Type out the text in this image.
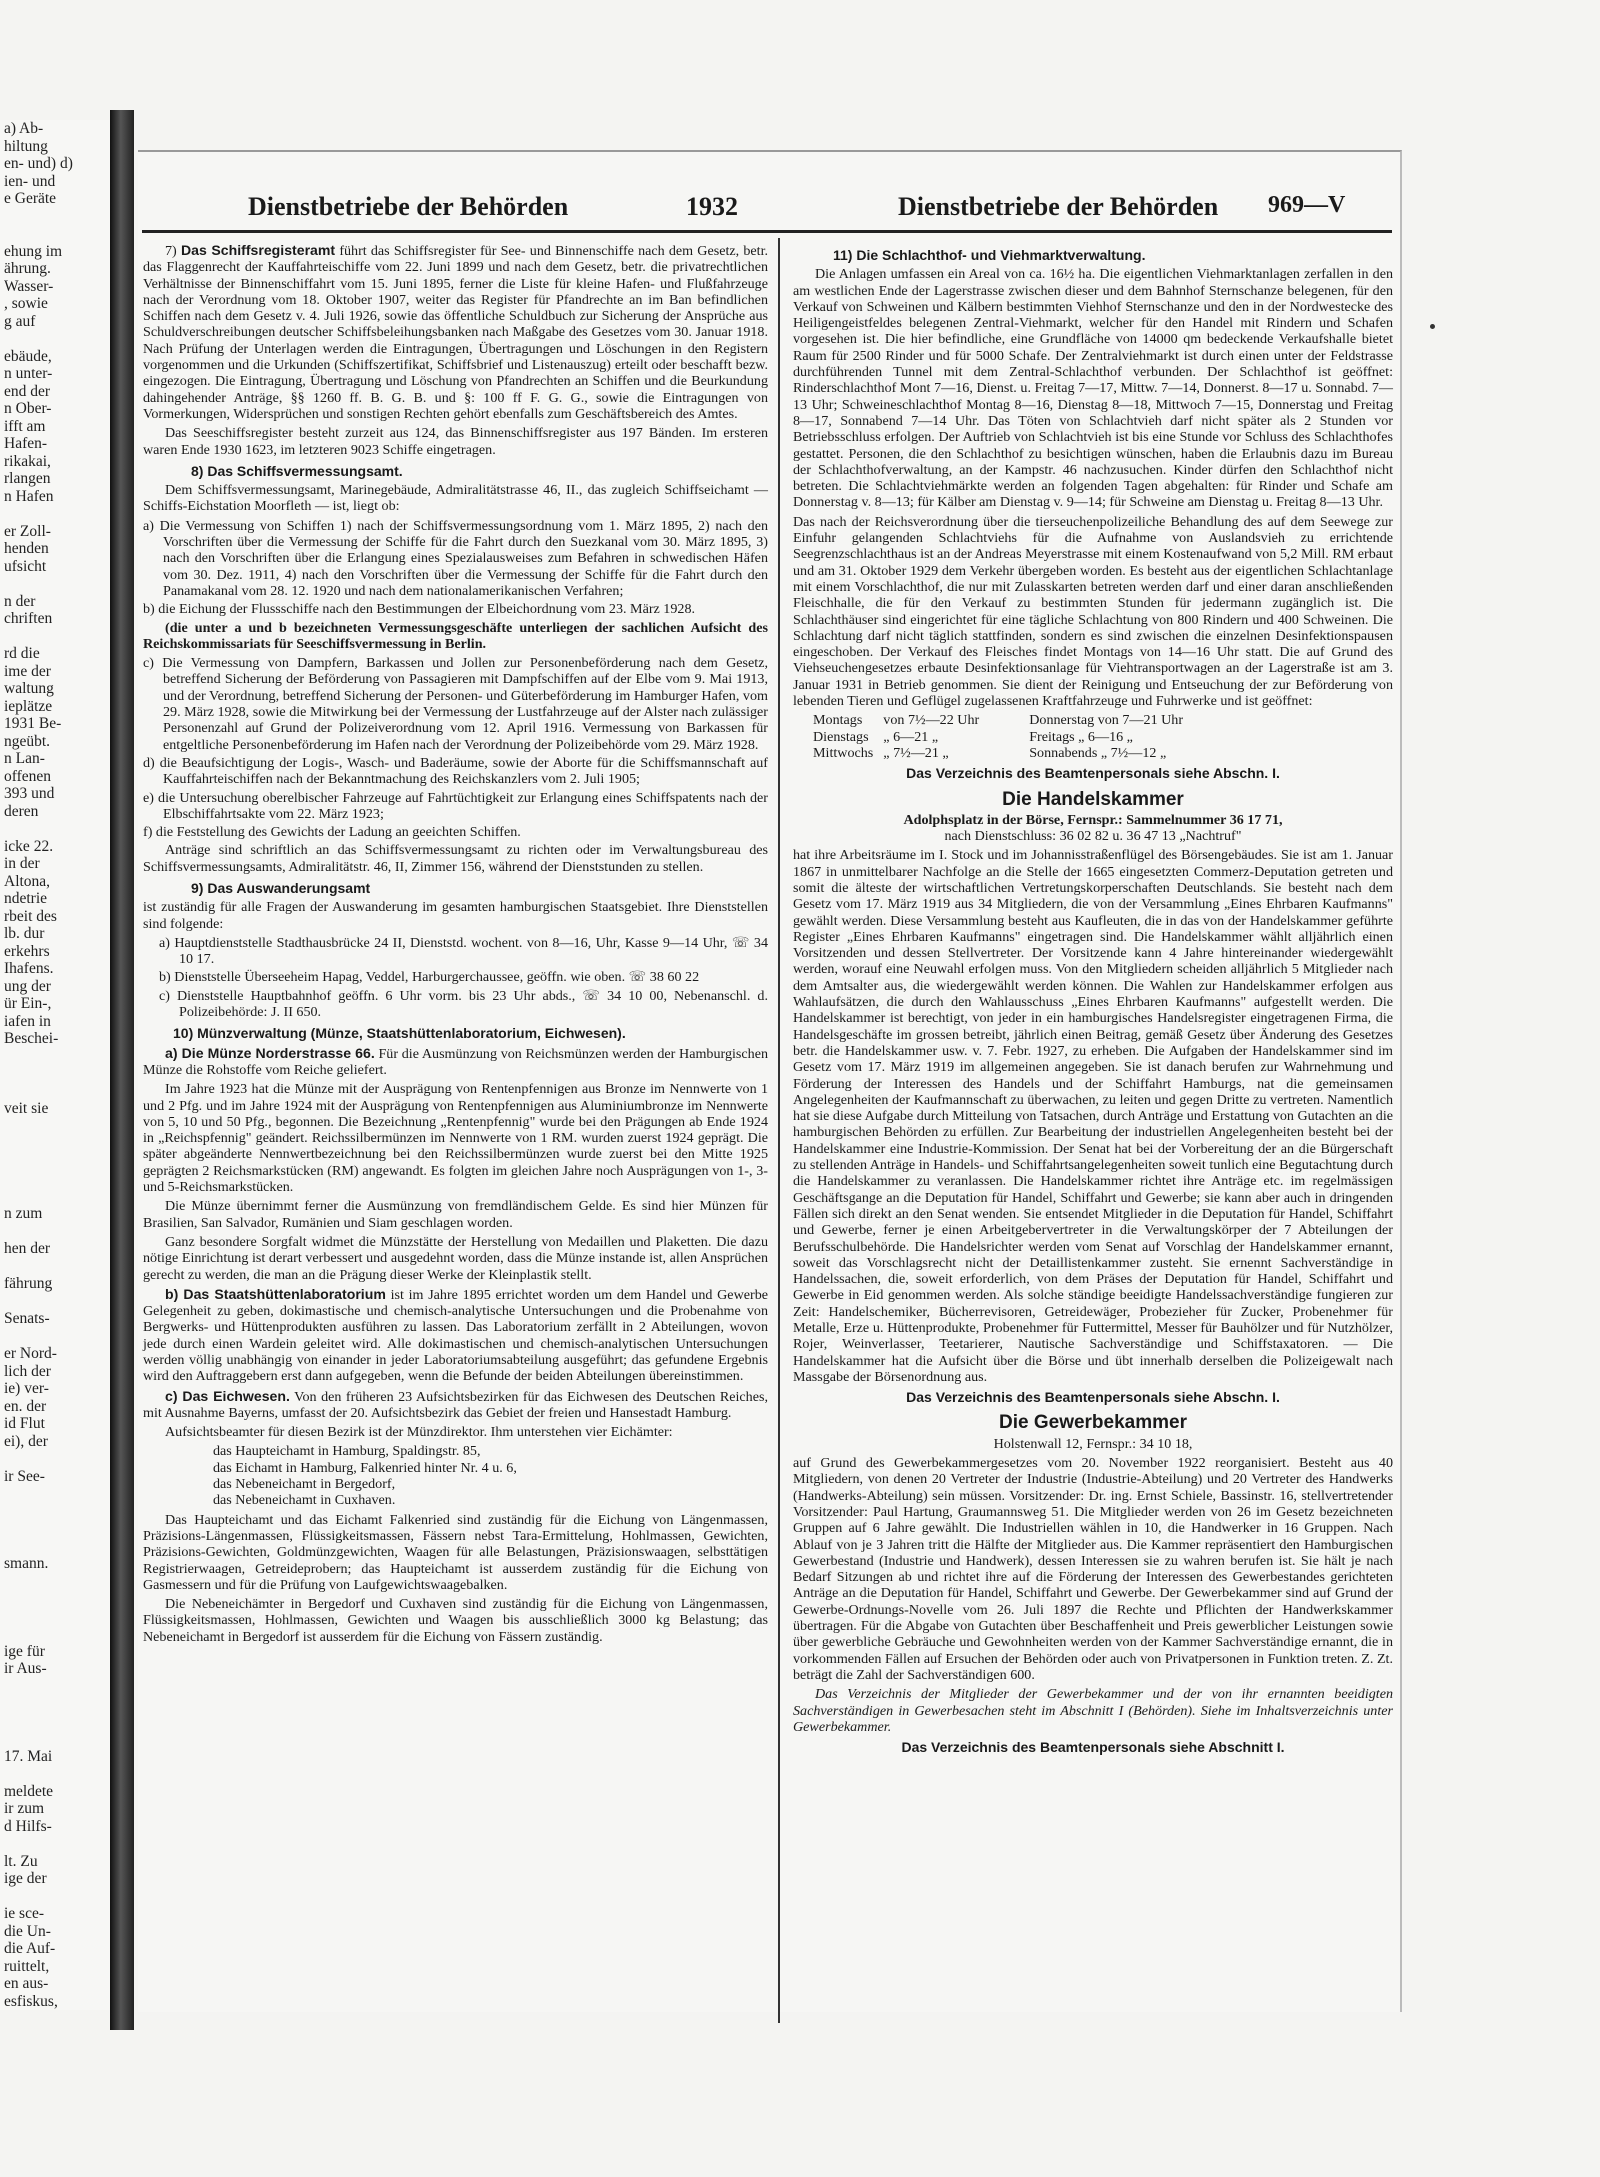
a) Ab-
hiltung
en- und) d)
ien- und
e Geräte

ehung im
ährung.
Wasser-
, sowie
g auf

ebäude,
n unter-
end der
n Ober-
ifft am
Hafen-
rikakai,
rlangen
n Hafen

er Zoll-
henden
ufsicht

n der
chriften

rd die
ime der
waltung
ieplätze
1931 Be-
ngeübt.
n Lan-
offenen
393 und
deren

icke 22.
in der
Altona,
ndetrie
rbeit des
lb. dur
erkehrs
Ihafens.
ung der
ür Ein-,
iafen in
Beschei-

veit sie

n zum

hen der

fährung

Senats-

er Nord-
lich der
ie) ver-
en. der
id Flut
ei), der

ir See-

smann.

ige für
ir Aus-

17. Mai

meldete
ir zum
d Hilfs-

lt. Zu
ige der

ie sce-
die Un-
die Auf-
ruittelt,
en aus-
esfiskus,
Dienstbetriebe der Behörden	1932	Dienstbetriebe der Behörden 969—V

7) Das Schiffsregisteramt führt das Schiffsregister für See- und Binnenschiffe nach dem Gesetz, betr. das Flaggenrecht der Kauffahrteischiffe vom 22. Juni 1899 und nach dem Gesetz, betr. die privatrechtlichen Verhältnisse der Binnenschiffahrt vom 15. Juni 1895, ferner die Liste für kleine Hafen- und Flußfahrzeuge nach der Verordnung vom 18. Oktober 1907, weiter das Register für Pfandrechte an im Ban befindlichen Schiffen nach dem Gesetz v. 4. Juli 1926, sowie das öffentliche Schuldbuch zur Sicherung der Ansprüche aus Schuldverschreibungen deutscher Schiffsbeleihungsbanken nach Maßgabe des Gesetzes vom 30. Januar 1918. Nach Prüfung der Unterlagen werden die Eintragungen, Übertragungen und Löschungen in den Registern vorgenommen und die Urkunden (Schiffszertifikat, Schiffsbrief und Listenauszug) erteilt oder beschafft bezw. eingezogen. Die Eintragung, Übertragung und Löschung von Pfandrechten an Schiffen und die Beurkundung dahingehender Anträge, §§ 1260 ff. B. G. B. und §: 100 ff F. G. G., sowie die Eintragungen von Vormerkungen, Widersprüchen und sonstigen Rechten gehört ebenfalls zum Geschäftsbereich des Amtes.

Das Seeschiffsregister besteht zurzeit aus 124, das Binnenschiffsregister aus 197 Bänden. Im ersteren waren Ende 1930 1623, im letzteren 9023 Schiffe eingetragen.

8) Das Schiffsvermessungsamt.

Dem Schiffsvermessungsamt, Marinegebäude, Admiralitätstrasse 46, II., das zugleich Schiffseichamt — Schiffs-Eichstation Moorfleth — ist, liegt ob:

a) Die Vermessung von Schiffen 1) nach der Schiffsvermessungsordnung vom 1. März 1895, 2) nach den Vorschriften über die Vermessung der Schiffe für die Fahrt durch den Suezkanal vom 30. März 1895, 3) nach den Vorschriften über die Erlangung eines Spezialausweises zum Befahren in schwedischen Häfen vom 30. Dez. 1911, 4) nach den Vorschriften über die Vermessung der Schiffe für die Fahrt durch den Panamakanal vom 28. 12. 1920 und nach dem nationalamerikanischen Verfahren;
b) die Eichung der Flussschiffe nach den Bestimmungen der Elbeichordnung vom 23. März 1928.

(die unter a und b bezeichneten Vermessungsgeschäfte unterliegen der sachlichen Aufsicht des Reichskommissariats für Seeschiffsvermessung in Berlin.

c) Die Vermessung von Dampfern, Barkassen und Jollen zur Personenbeförderung nach dem Gesetz, betreffend Sicherung der Beförderung von Passagieren mit Dampfschiffen auf der Elbe vom 9. Mai 1913, und der Verordnung, betreffend Sicherung der Personen- und Güterbeförderung im Hamburger Hafen, vom 29. März 1928, sowie die Mitwirkung bei der Vermessung der Lustfahrzeuge auf der Alster nach zulässiger Personenzahl auf Grund der Polizeiverordnung vom 12. April 1916. Vermessung von Barkassen für entgeltliche Personenbeförderung im Hafen nach der Verordnung der Polizeibehörde vom 29. März 1928.
d) die Beaufsichtigung der Logis-, Wasch- und Baderäume, sowie der Aborte für die Schiffsmannschaft auf Kauffahrteischiffen nach der Bekanntmachung des Reichskanzlers vom 2. Juli 1905;
e) die Untersuchung oberelbischer Fahrzeuge auf Fahrtüchtigkeit zur Erlangung eines Schiffspatents nach der Elbschiffahrtsakte vom 22. März 1923;
f) die Feststellung des Gewichts der Ladung an geeichten Schiffen.

Anträge sind schriftlich an das Schiffsvermessungsamt zu richten oder im Verwaltungsbureau des Schiffsvermessungsamts, Admiralitätstr. 46, II, Zimmer 156, während der Dienststunden zu stellen.

9) Das Auswanderungsamt

ist zuständig für alle Fragen der Auswanderung im gesamten hamburgischen Staatsgebiet. Ihre Dienststellen sind folgende:

a) Hauptdienststelle Stadthausbrücke 24 II, Dienststd. wochent. von 8—16, Uhr, Kasse 9—14 Uhr, ☏ 34 10 17.
b) Dienststelle Überseeheim Hapag, Veddel, Harburgerchaussee, geöffn. wie oben. ☏ 38 60 22
c) Dienststelle Hauptbahnhof geöffn. 6 Uhr vorm. bis 23 Uhr abds., ☏ 34 10 00, Nebenanschl. d. Polizeibehörde: J. II 650.
10) Münzverwaltung (Münze, Staatshüttenlaboratorium, Eichwesen).

a) Die Münze Norderstrasse 66. Für die Ausmünzung von Reichsmünzen werden der Hamburgischen Münze die Rohstoffe vom Reiche geliefert.

Im Jahre 1923 hat die Münze mit der Ausprägung von Rentenpfennigen aus Bronze im Nennwerte von 1 und 2 Pfg. und im Jahre 1924 mit der Ausprägung von Rentenpfennigen aus Aluminiumbronze im Nennwerte von 5, 10 und 50 Pfg., begonnen. Die Bezeichnung „Rentenpfennig" wurde bei den Prägungen ab Ende 1924 in „Reichspfennig" geändert. Reichssilbermünzen im Nennwerte von 1 RM. wurden zuerst 1924 geprägt. Die später abgeänderte Nennwertbezeichnung bei den Reichssilbermünzen wurde zuerst bei den Mitte 1925 geprägten 2 Reichsmarkstücken (RM) angewandt. Es folgten im gleichen Jahre noch Ausprägungen von 1-, 3- und 5-Reichsmarkstücken.

Die Münze übernimmt ferner die Ausmünzung von fremdländischem Gelde. Es sind hier Münzen für Brasilien, San Salvador, Rumänien und Siam geschlagen worden.

Ganz besondere Sorgfalt widmet die Münzstätte der Herstellung von Medaillen und Plaketten. Die dazu nötige Einrichtung ist derart verbessert und ausgedehnt worden, dass die Münze instande ist, allen Ansprüchen gerecht zu werden, die man an die Prägung dieser Werke der Kleinplastik stellt.

b) Das Staatshüttenlaboratorium ist im Jahre 1895 errichtet worden um dem Handel und Gewerbe Gelegenheit zu geben, dokimastische und chemisch-analytische Untersuchungen und die Probenahme von Bergwerks- und Hüttenprodukten ausführen zu lassen. Das Laboratorium zerfällt in 2 Abteilungen, wovon jede durch einen Wardein geleitet wird. Alle dokimastischen und chemisch-analytischen Untersuchungen werden völlig unabhängig von einander in jeder Laboratoriumsabteilung ausgeführt; das gefundene Ergebnis wird den Auftraggebern erst dann aufgegeben, wenn die Befunde der beiden Abteilungen übereinstimmen.

c) Das Eichwesen. Von den früheren 23 Aufsichtsbezirken für das Eichwesen des Deutschen Reiches, mit Ausnahme Bayerns, umfasst der 20. Aufsichtsbezirk das Gebiet der freien und Hansestadt Hamburg.

Aufsichtsbeamter für diesen Bezirk ist der Münzdirektor. Ihm unterstehen vier Eichämter:

das Haupteichamt in Hamburg, Spaldingstr. 85,
das Eichamt in Hamburg, Falkenried hinter Nr. 4 u. 6,
das Nebeneichamt in Bergedorf,
das Nebeneichamt in Cuxhaven.

Das Haupteichamt und das Eichamt Falkenried sind zuständig für die Eichung von Längenmassen, Präzisions-Längenmassen, Flüssigkeitsmassen, Fässern nebst Tara-Ermittelung, Hohlmassen, Gewichten, Präzisions-Gewichten, Goldmünzgewichten, Waagen für alle Belastungen, Präzisionswaagen, selbsttätigen Registrierwaagen, Getreideprobern; das Haupteichamt ist ausserdem zuständig für die Eichung von Gasmessern und für die Prüfung von Laufgewichtswaagebalken.

Die Nebeneichämter in Bergedorf und Cuxhaven sind zuständig für die Eichung von Längenmassen, Flüssigkeitsmassen, Hohlmassen, Gewichten und Waagen bis ausschließlich 3000 kg Belastung; das Nebeneichamt in Bergedorf ist ausserdem für die Eichung von Fässern zuständig.

11) Die Schlachthof- und Viehmarktverwaltung.

Die Anlagen umfassen ein Areal von ca. 16½ ha. Die eigentlichen Viehmarktanlagen zerfallen in den am westlichen Ende der Lagerstrasse zwischen dieser und dem Bahnhof Sternschanze belegenen, für den Verkauf von Schweinen und Kälbern bestimmten Viehhof Sternschanze und den in der Nordwestecke des Heiligengeistfeldes belegenen Zentral-Viehmarkt, welcher für den Handel mit Rindern und Schafen vorgesehen ist. Die hier befindliche, eine Grundfläche von 14000 qm bedeckende Verkaufshalle bietet Raum für 2500 Rinder und für 5000 Schafe. Der Zentralviehmarkt ist durch einen unter der Feldstrasse durchführenden Tunnel mit dem Zentral-Schlachthof verbunden. Der Schlachthof ist geöffnet: Rinderschlachthof Mont 7—16, Dienst. u. Freitag 7—17, Mittw. 7—14, Donnerst. 8—17 u. Sonnabd. 7—13 Uhr; Schweineschlachthof Montag 8—16, Dienstag 8—18, Mittwoch 7—15, Donnerstag und Freitag 8—17, Sonnabend 7—14 Uhr. Das Töten von Schlachtvieh darf nicht später als 2 Stunden vor Betriebsschluss erfolgen. Der Auftrieb von Schlachtvieh ist bis eine Stunde vor Schluss des Schlachthofes gestattet. Personen, die den Schlachthof zu besichtigen wünschen, haben die Erlaubnis dazu im Bureau der Schlachthofverwaltung, an der Kampstr. 46 nachzusuchen. Kinder dürfen den Schlachthof nicht betreten. Die Schlachtviehmärkte werden an folgenden Tagen abgehalten: für Rinder und Schafe am Donnerstag v. 8—13; für Kälber am Dienstag v. 9—14; für Schweine am Dienstag u. Freitag 8—13 Uhr.

Das nach der Reichsverordnung über die tierseuchenpolizeiliche Behandlung des auf dem Seewege zur Einfuhr gelangenden Schlachtviehs für die Aufnahme von Auslandsvieh zu errichtende Seegrenzschlachthaus ist an der Andreas Meyerstrasse mit einem Kostenaufwand von 5,2 Mill. RM erbaut und am 31. Oktober 1929 dem Verkehr übergeben worden. Es besteht aus der eigentlichen Schlachtanlage mit einem Vorschlachthof, die nur mit Zulasskarten betreten werden darf und einer daran anschließenden Fleischhalle, die für den Verkauf zu bestimmten Stunden für jedermann zugänglich ist. Die Schlachthäuser sind eingerichtet für eine tägliche Schlachtung von 800 Rindern und 400 Schweinen. Die Schlachtung darf nicht täglich stattfinden, sondern es sind zwischen die einzelnen Desinfektionspausen eingeschoben. Der Verkauf des Fleisches findet Montags von 14—16 Uhr statt. Die auf Grund des Viehseuchengesetzes erbaute Desinfektionsanlage für Viehtransportwagen an der Lagerstraße ist am 3. Januar 1931 in Betrieb genommen. Sie dient der Reinigung und Entseuchung der zur Beförderung von lebenden Tieren und Geflügel zugelassenen Kraftfahrzeuge und Fuhrwerke und ist geöffnet:

Montags	von 7½—22 Uhr	Donnerstag von 7—21 Uhr
Dienstags	„ 6—21 „	Freitags „ 6—16 „
Mittwochs	„ 7½—21 „	Sonnabends „ 7½—12 „
Das Verzeichnis des Beamtenpersonals siehe Abschn. I.
Die Handelskammer
Adolphsplatz in der Börse, Fernspr.: Sammelnummer 36 17 71,
nach Dienstschluss: 36 02 82 u. 36 47 13 „Nachtruf"

hat ihre Arbeitsräume im I. Stock und im Johannisstraßenflügel des Börsengebäudes. Sie ist am 1. Januar 1867 in unmittelbarer Nachfolge an die Stelle der 1665 eingesetzten Commerz-Deputation getreten und somit die älteste der wirtschaftlichen Vertretungskorperschaften Deutschlands. Sie besteht nach dem Gesetz vom 17. März 1919 aus 34 Mitgliedern, die von der Versammlung „Eines Ehrbaren Kaufmanns" gewählt werden. Diese Versammlung besteht aus Kaufleuten, die in das von der Handelskammer geführte Register „Eines Ehrbaren Kaufmanns" eingetragen sind. Die Handelskammer wählt alljährlich einen Vorsitzenden und dessen Stellvertreter. Der Vorsitzende kann 4 Jahre hintereinander wiedergewählt werden, worauf eine Neuwahl erfolgen muss. Von den Mitgliedern scheiden alljährlich 5 Mitglieder nach dem Amtsalter aus, die wiedergewählt werden können. Die Wahlen zur Handelskammer erfolgen aus Wahlaufsätzen, die durch den Wahlausschuss „Eines Ehrbaren Kaufmanns" aufgestellt werden. Die Handelskammer ist berechtigt, von jeder in ein hamburgisches Handelsregister eingetragenen Firma, die Handelsgeschäfte im grossen betreibt, jährlich einen Beitrag, gemäß Gesetz über Änderung des Gesetzes betr. die Handelskammer usw. v. 7. Febr. 1927, zu erheben. Die Aufgaben der Handelskammer sind im Gesetz vom 17. März 1919 im allgemeinen angegeben. Sie ist danach berufen zur Wahrnehmung und Förderung der Interessen des Handels und der Schiffahrt Hamburgs, nat die gemeinsamen Angelegenheiten der Kaufmannschaft zu überwachen, zu leiten und gegen Dritte zu vertreten. Namentlich hat sie diese Aufgabe durch Mitteilung von Tatsachen, durch Anträge und Erstattung von Gutachten an die hamburgischen Behörden zu erfüllen. Zur Bearbeitung der industriellen Angelegenheiten besteht bei der Handelskammer eine Industrie-Kommission. Der Senat hat bei der Vorbereitung der an die Bürgerschaft zu stellenden Anträge in Handels- und Schiffahrtsangelegenheiten soweit tunlich eine Begutachtung durch die Handelskammer zu veranlassen. Die Handelskammer richtet ihre Anträge etc. im regelmässigen Geschäftsgange an die Deputation für Handel, Schiffahrt und Gewerbe; sie kann aber auch in dringenden Fällen sich direkt an den Senat wenden. Sie entsendet Mitglieder in die Deputation für Handel, Schiffahrt und Gewerbe, ferner je einen Arbeitgebervertreter in die Verwaltungskörper der 7 Abteilungen der Berufsschulbehörde. Die Handelsrichter werden vom Senat auf Vorschlag der Handelskammer ernannt, soweit das Vorschlagsrecht nicht der Detaillistenkammer zusteht. Sie ernennt Sachverständige in Handelssachen, die, soweit erforderlich, von dem Präses der Deputation für Handel, Schiffahrt und Gewerbe in Eid genommen werden. Als solche ständige beeidigte Handelssachverständige fungieren zur Zeit: Handelschemiker, Bücherrevisoren, Getreidewäger, Probezieher für Zucker, Probenehmer für Metalle, Erze u. Hüttenprodukte, Probenehmer für Futtermittel, Messer für Bauhölzer und für Nutzhölzer, Rojer, Weinverlasser, Teetarierer, Nautische Sachverständige und Schiffstaxatoren. — Die Handelskammer hat die Aufsicht über die Börse und übt innerhalb derselben die Polizeigewalt nach Massgabe der Börsenordnung aus.

Das Verzeichnis des Beamtenpersonals siehe Abschn. I.
Die Gewerbekammer
Holstenwall 12, Fernspr.: 34 10 18,

auf Grund des Gewerbekammergesetzes vom 20. November 1922 reorganisiert. Besteht aus 40 Mitgliedern, von denen 20 Vertreter der Industrie (Industrie-Abteilung) und 20 Vertreter des Handwerks (Handwerks-Abteilung) sein müssen. Vorsitzender: Dr. ing. Ernst Schiele, Bassinstr. 16, stellvertretender Vorsitzender: Paul Hartung, Graumannsweg 51. Die Mitglieder werden von 26 im Gesetz bezeichneten Gruppen auf 6 Jahre gewählt. Die Industriellen wählen in 10, die Handwerker in 16 Gruppen. Nach Ablauf von je 3 Jahren tritt die Hälfte der Mitglieder aus. Die Kammer repräsentiert den Hamburgischen Gewerbestand (Industrie und Handwerk), dessen Interessen sie zu wahren berufen ist. Sie hält je nach Bedarf Sitzungen ab und richtet ihre auf die Förderung der Interessen des Gewerbestandes gerichteten Anträge an die Deputation für Handel, Schiffahrt und Gewerbe. Der Gewerbekammer sind auf Grund der Gewerbe-Ordnungs-Novelle vom 26. Juli 1897 die Rechte und Pflichten der Handwerkskammer übertragen. Für die Abgabe von Gutachten über Beschaffenheit und Preis gewerblicher Leistungen sowie über gewerbliche Gebräuche und Gewohnheiten werden von der Kammer Sachverständige ernannt, die in vorkommenden Fällen auf Ersuchen der Behörden oder auch von Privatpersonen in Funktion treten. Z. Zt. beträgt die Zahl der Sachverständigen 600.

Das Verzeichnis der Mitglieder der Gewerbekammer und der von ihr ernannten beeidigten Sachverständigen in Gewerbesachen steht im Abschnitt I (Behörden). Siehe im Inhaltsverzeichnis unter Gewerbekammer.

Das Verzeichnis des Beamtenpersonals siehe Abschnitt I.
